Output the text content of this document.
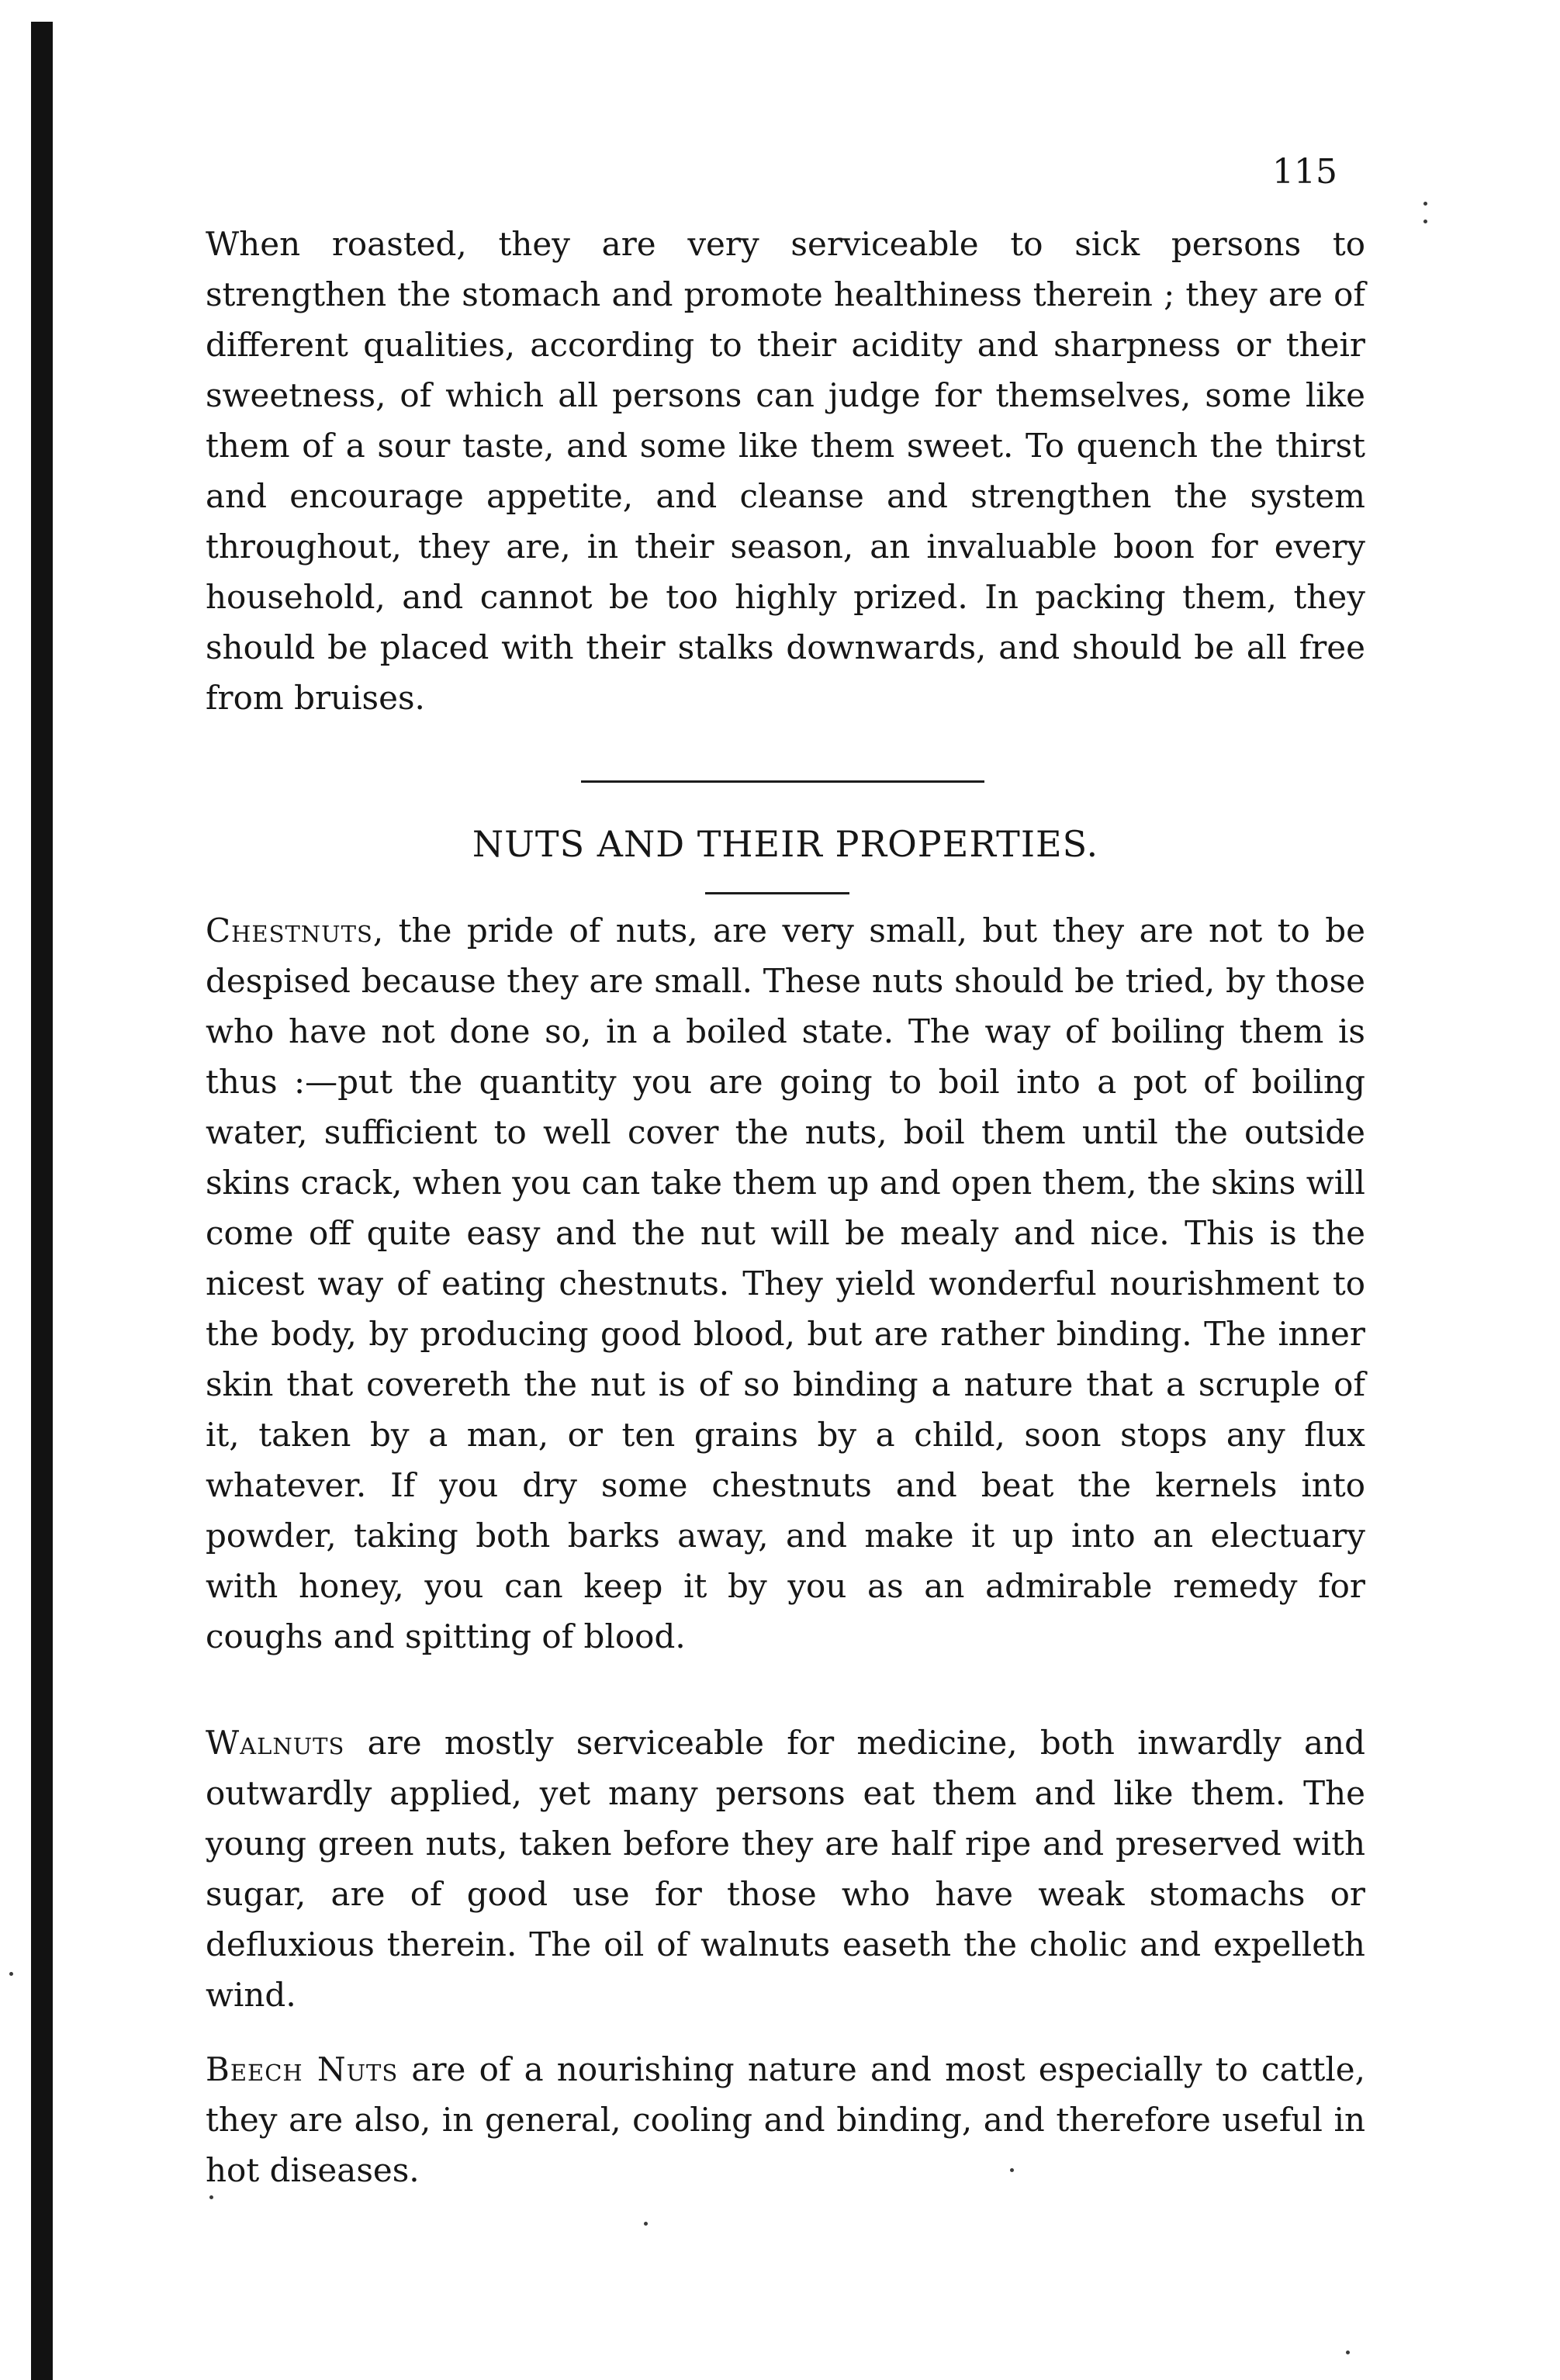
115

When roasted, they are very serviceable to sick persons to strengthen the stomach and promote healthiness therein ; they are of different qualities, according to their acidity and sharpness or their sweetness, of which all persons can judge for themselves, some like them of a sour taste, and some like them sweet. To quench the thirst and encourage appetite, and cleanse and strengthen the system throughout, they are, in their season, an invaluable boon for every household, and cannot be too highly prized. In packing them, they should be placed with their stalks downwards, and should be all free from bruises.

NUTS AND THEIR PROPERTIES.

Chestnuts, the pride of nuts, are very small, but they are not to be despised because they are small. These nuts should be tried, by those who have not done so, in a boiled state. The way of boiling them is thus :—put the quantity you are going to boil into a pot of boiling water, sufficient to well cover the nuts, boil them until the outside skins crack, when you can take them up and open them, the skins will come off quite easy and the nut will be mealy and nice. This is the nicest way of eating chestnuts. They yield wonderful nourishment to the body, by producing good blood, but are rather binding. The inner skin that covereth the nut is of so binding a nature that a scruple of it, taken by a man, or ten grains by a child, soon stops any flux whatever. If you dry some chestnuts and beat the kernels into powder, taking both barks away, and make it up into an electuary with honey, you can keep it by you as an admirable remedy for coughs and spitting of blood.

Walnuts are mostly serviceable for medicine, both inwardly and outwardly applied, yet many persons eat them and like them. The young green nuts, taken before they are half ripe and preserved with sugar, are of good use for those who have weak stomachs or defluxious therein. The oil of walnuts easeth the cholic and expelleth wind.

Beech Nuts are of a nourishing nature and most especially to cattle, they are also, in general, cooling and binding, and therefore useful in hot diseases.
